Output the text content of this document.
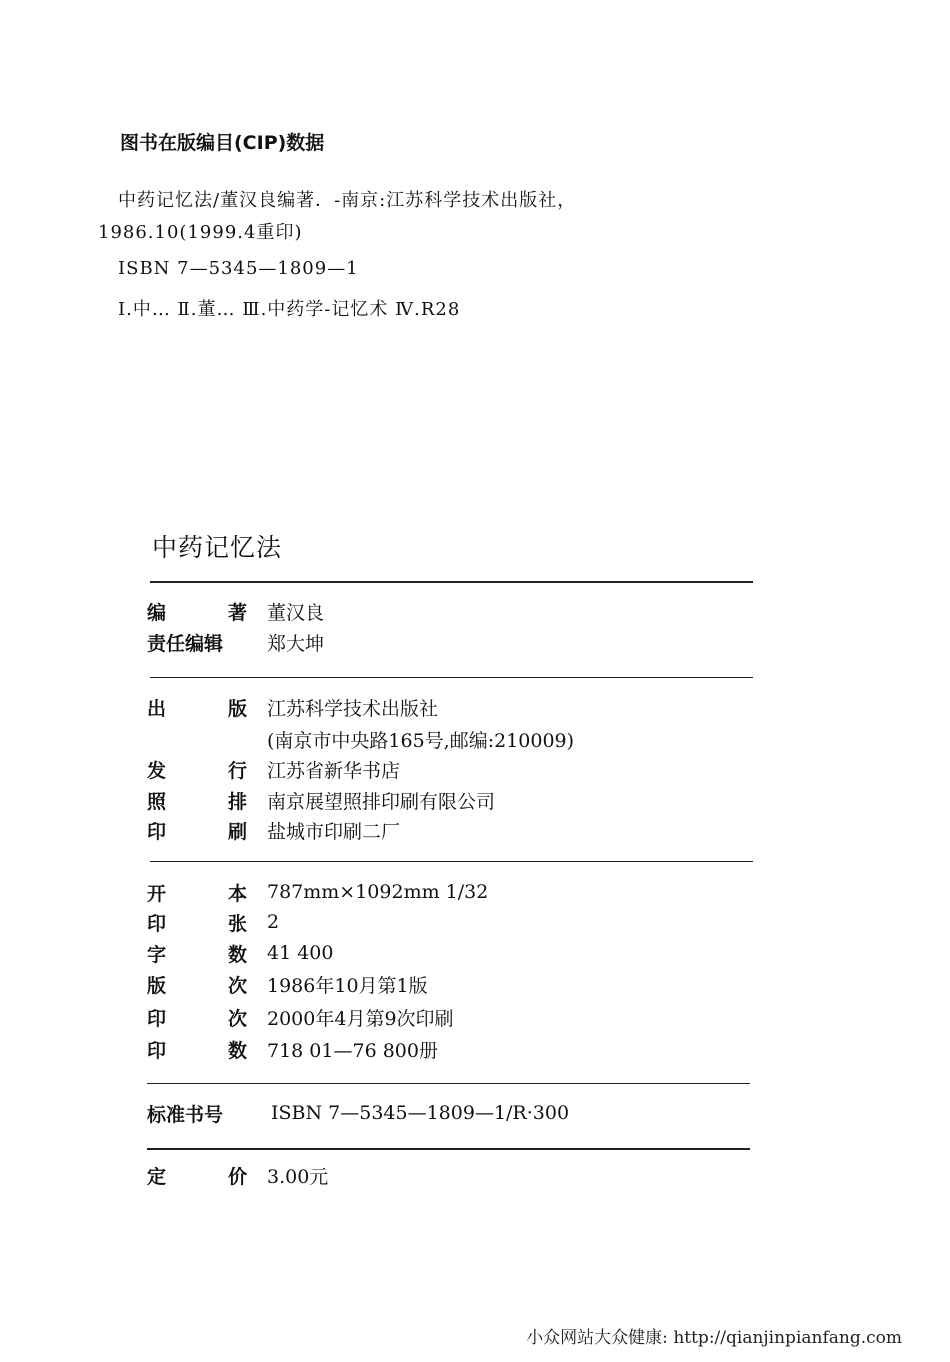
图书在版编目(CIP)数据
中药记忆法/董汉良编著．-南京:江苏科学技术出版社，
1986.10(1999.4重印)
ISBN 7—5345—1809—1
Ⅰ.中… Ⅱ.董… Ⅲ.中药学-记忆术 Ⅳ.R28
中药记忆法
编	著 董汉良
责任编辑 郑大坤
出	版 江苏科学技术出版社
(南京市中央路165号,邮编:210009)
发	行 江苏省新华书店
照	排 南京展望照排印刷有限公司
印	刷 盐城市印刷二厂
开	本 787mm×1092mm 1/32
印	张 2
字	数 41 400
版	次 1986年10月第1版
印	次 2000年4月第9次印刷
印	数 718 01—76 800册
标准书号	ISBN 7—5345—1809—1/R·300
定	价 3.00元
小众网站大众健康: http://qianjinpianfang.com
